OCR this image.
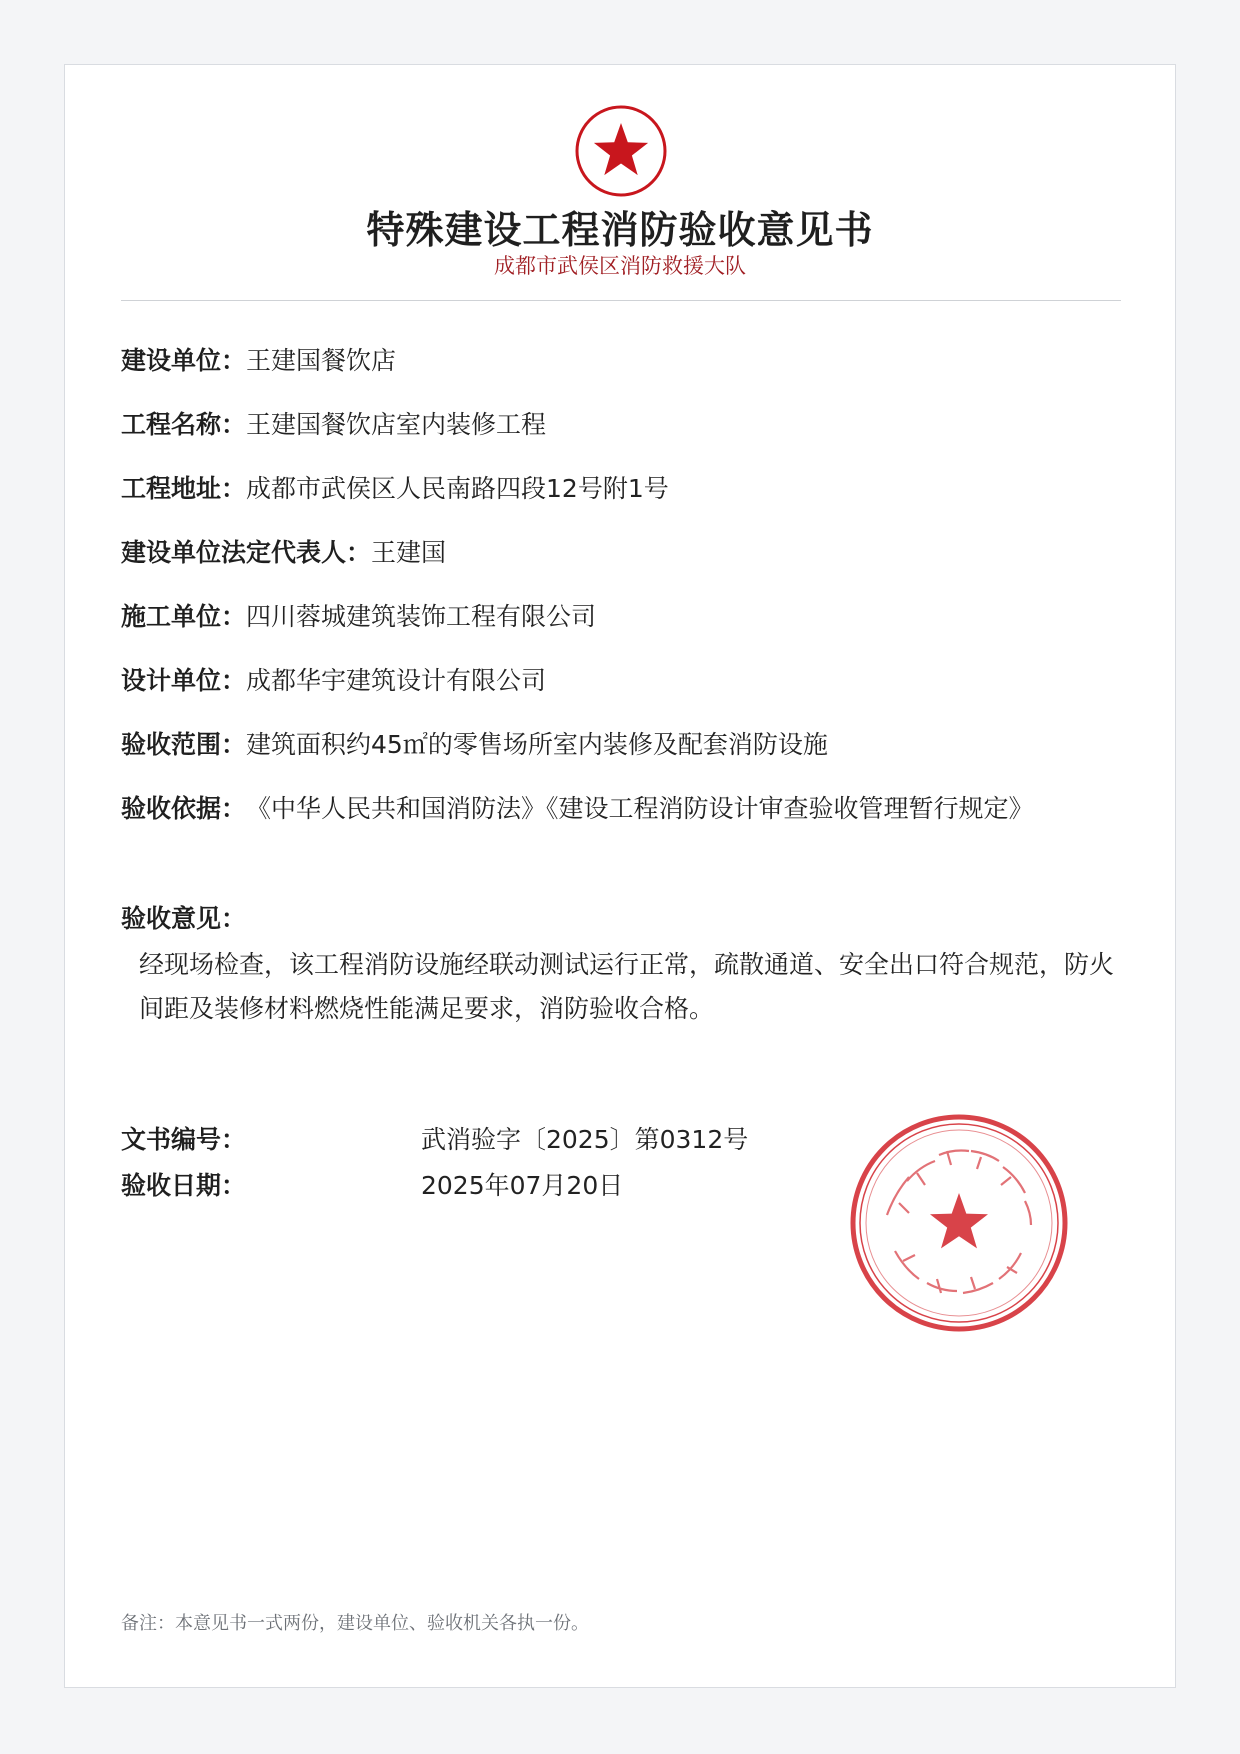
特殊建设工程消防验收意见书
成都市武侯区消防救援大队
建设单位：王建国餐饮店
工程名称：王建国餐饮店室内装修工程
工程地址：成都市武侯区人民南路四段12号附1号
建设单位法定代表人：王建国
施工单位：四川蓉城建筑装饰工程有限公司
设计单位：成都华宇建筑设计有限公司
验收范围：建筑面积约45㎡的零售场所室内装修及配套消防设施
验收依据： 《中华人民共和国消防法》《建设工程消防设计审查验收管理暂行规定》
验收意见：
经现场检查，该工程消防设施经联动测试运行正常，疏散通道、安全出口符合规范，防火间距及装修材料燃烧性能满足要求，消防验收合格。
文书编号：	武消验字〔2025〕第0312号
验收日期：	2025年07月20日
备注：本意见书一式两份，建设单位、验收机关各执一份。
